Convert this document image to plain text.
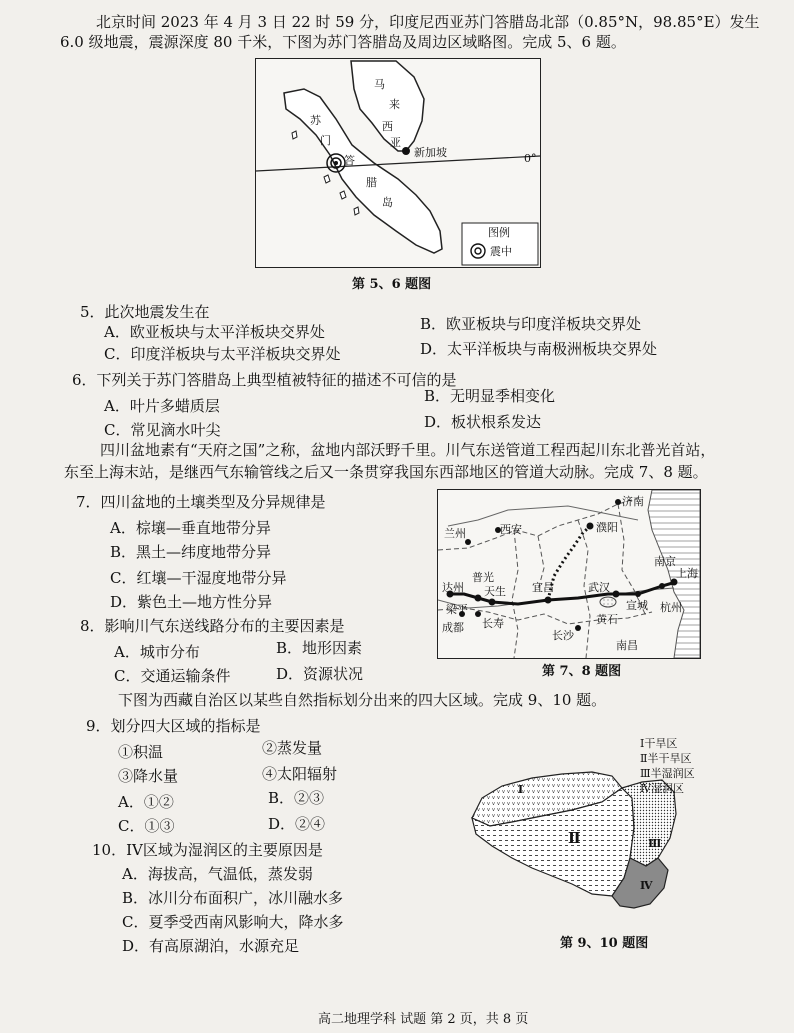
北京时间 2023 年 4 月 3 日 22 时 59 分，印度尼西亚苏门答腊岛北部（0.85°N，98.85°E）发生
6.0 级地震，震源深度 80 千米，下图为苏门答腊岛及周边区域略图。完成 5、6 题。
马
来
西
亚
苏
门
答
腊
岛
新加坡	0°
图例
震中
第 5、6 题图
5．此次地震发生在
A．欧亚板块与太平洋板块交界处	B．欧亚板块与印度洋板块交界处
C．印度洋板块与太平洋板块交界处	D．太平洋板块与南极洲板块交界处
6．下列关于苏门答腊岛上典型植被特征的描述不可信的是
A．叶片多蜡质层
B．无明显季相变化
C．常见滴水叶尖	D．板状根系发达
四川盆地素有“天府之国”之称，盆地内部沃野千里。川气东送管道工程西起川东北普光首站，
东至上海末站，是继西气东输管线之后又一条贯穿我国东西部地区的管道大动脉。完成 7、8 题。
7．四川盆地的土壤类型及分异规律是
A．棕壤—垂直地带分异
B．黑土—纬度地带分异
C．红壤—干湿度地带分异
D．紫色土—地方性分异
8．影响川气东送线路分布的主要因素是
A．城市分布	B．地形因素
C．交通运输条件	D．资源状况
兰州	西安
济南
濮阳
达州
普光
天生 宜昌
南京
上海
梁平
武汉
宣城 杭州
成都 长寿	黄石
长沙
南昌
第 7、8 题图
下图为西藏自治区以某些自然指标划分出来的四大区域。完成 9、10 题。
9．划分四大区域的指标是
①积温	②蒸发量
③降水量	④太阳辐射
A．①②	B．②③
C．①③	D．②④
10．IV区域为湿润区的主要原因是
A．海拔高，气温低，蒸发弱
B．冰川分布面积广，冰川融水多
C．夏季受西南风影响大，降水多
D．有高原湖泊，水源充足
Ⅰ
Ⅱ	Ⅲ
Ⅳ
Ⅰ干旱区
Ⅱ半干旱区
Ⅲ半湿润区
Ⅳ湿润区
第 9、10 题图
高二地理学科 试题 第 2 页，共 8 页
